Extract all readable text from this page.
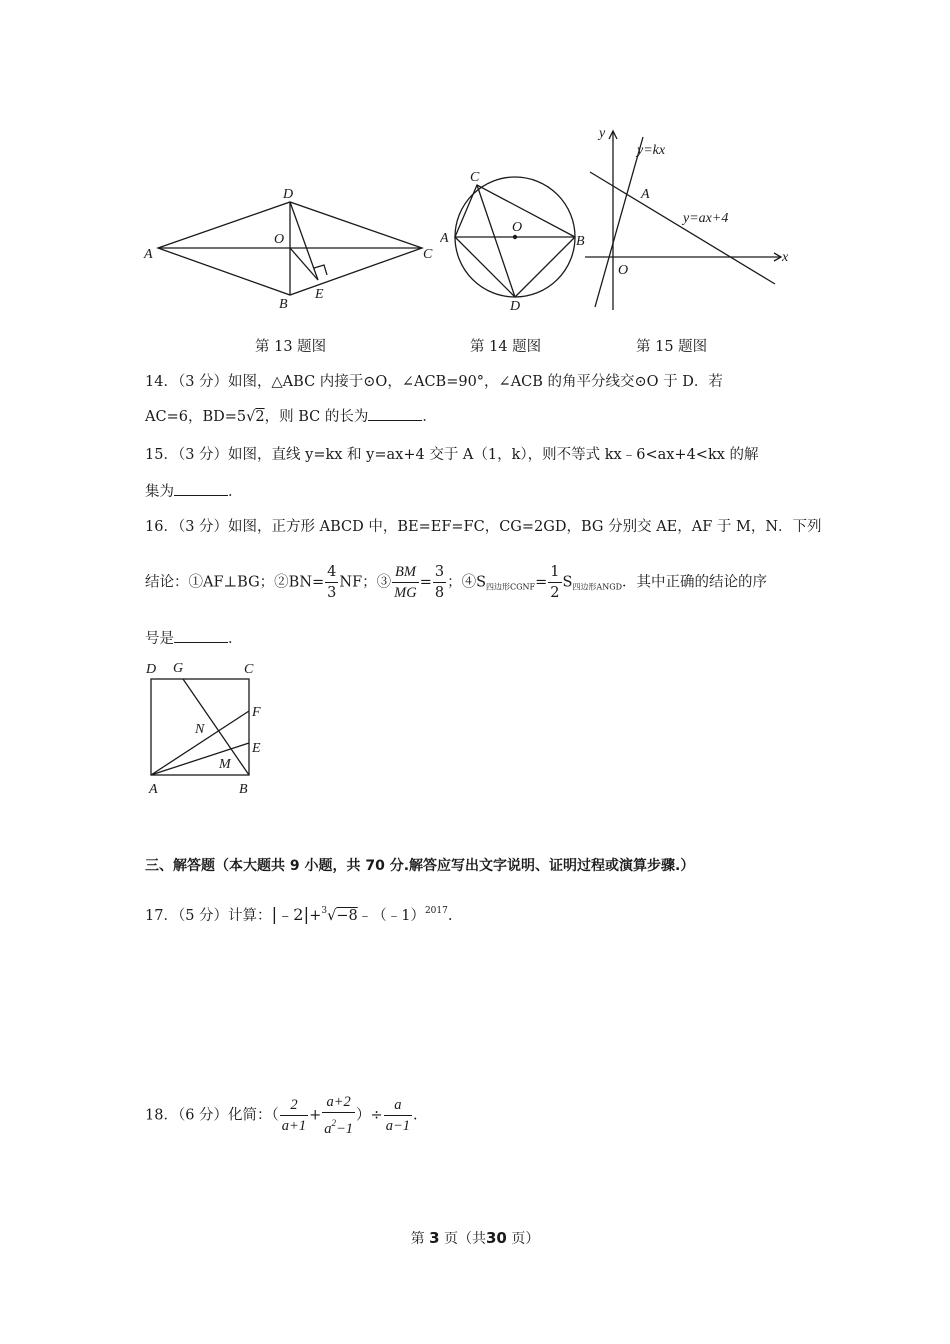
A
D
C
B
O
E
A
C
B
D
O
y
x
O
A
y=kx
y=ax+4
第 13 题图	第 14 题图	第 15 题图
14．（3 分）如图，△ABC 内接于⊙O，∠ACB=90°，∠ACB 的角平分线交⊙O 于 D．若
AC=6，BD=5√2，则 BC 的长为	．
15．（3 分）如图，直线 y=kx 和 y=ax+4 交于 A（1，k），则不等式 kx﹣6<ax+4<kx 的解
集为	．
16．（3 分）如图，正方形 ABCD 中，BE=EF=FC，CG=2GD，BG 分别交 AE，AF 于 M，N．下列
结论：①AF⊥BG；②BN= $\frac{4}{3}$ NF；③ $\frac{BM}{MG} = \frac{3}{8}$ ；$④S_{四边形CGNF}= \frac{1}{2} S_{四边形ANGD}$．其中正确的结论的序
号是	．
D G	C
F
E
N
M
A	B
三、解答题（本大题共 9 小题，共 70 分.解答应写出文字说明、证明过程或演算步骤.）
17．（5 分）计算：|﹣2|+$^3$√−8﹣（﹣1）$^{2017}$.
18．（6 分）化简：（ $\frac{2}{a+1} + \frac{a+2}{a^2-1}$ ）÷ $\frac{a}{a-1}$ .
第 3 页（共30 页）
